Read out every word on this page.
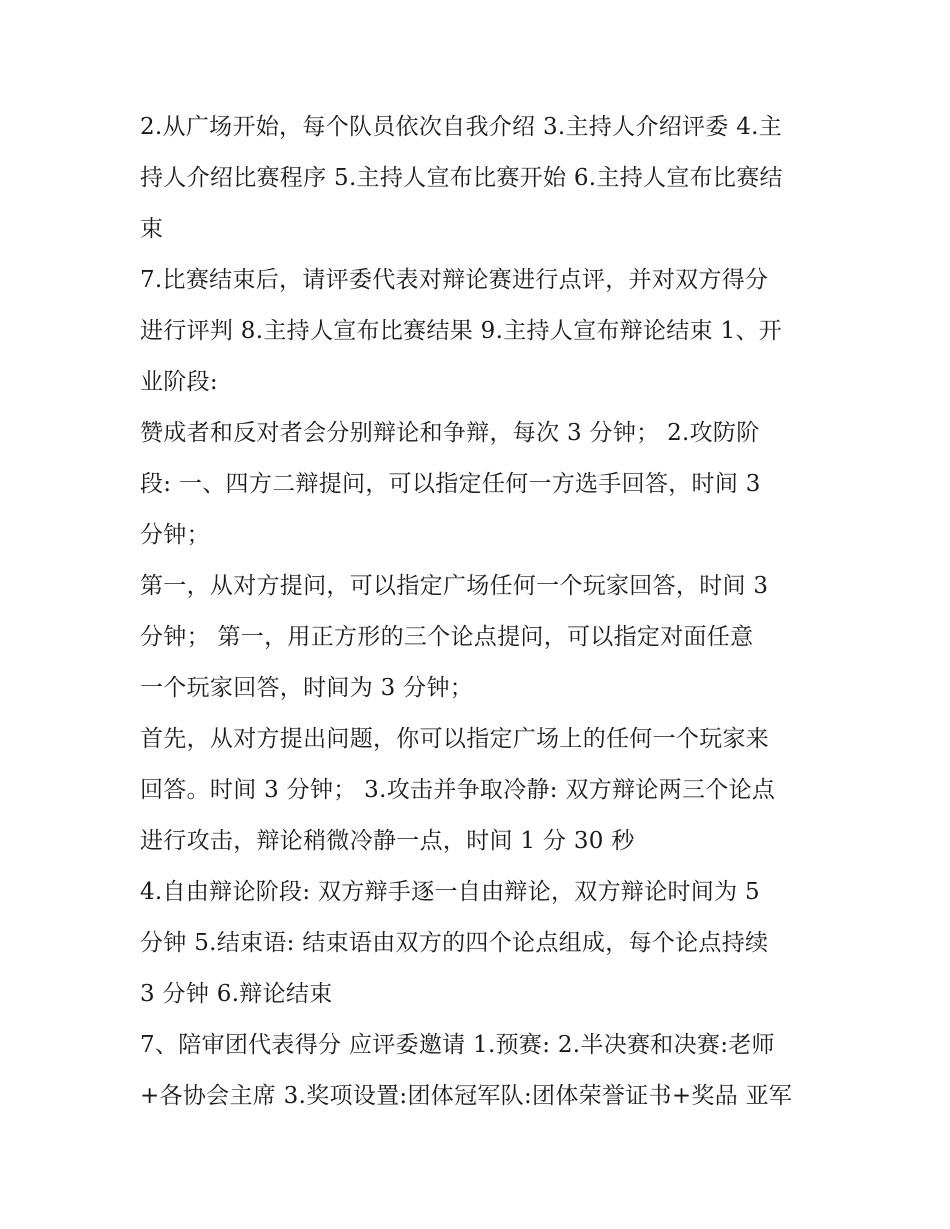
2.从广场开始，每个队员依次自我介绍 3.主持人介绍评委 4.主
持人介绍比赛程序 5.主持人宣布比赛开始 6.主持人宣布比赛结
束
7.比赛结束后，请评委代表对辩论赛进行点评，并对双方得分
进行评判 8.主持人宣布比赛结果 9.主持人宣布辩论结束 1、开
业阶段:
赞成者和反对者会分别辩论和争辩，每次 3 分钟； 2.攻防阶
段: 一、四方二辩提问，可以指定任何一方选手回答，时间 3
分钟；
第一，从对方提问，可以指定广场任何一个玩家回答，时间 3
分钟； 第一，用正方形的三个论点提问，可以指定对面任意
一个玩家回答，时间为 3 分钟；
首先，从对方提出问题，你可以指定广场上的任何一个玩家来
回答。时间 3 分钟； 3.攻击并争取冷静: 双方辩论两三个论点
进行攻击，辩论稍微冷静一点，时间 1 分 30 秒
4.自由辩论阶段: 双方辩手逐一自由辩论，双方辩论时间为 5
分钟 5.结束语: 结束语由双方的四个论点组成，每个论点持续
3 分钟 6.辩论结束
7、陪审团代表得分 应评委邀请 1.预赛: 2.半决赛和决赛:老师
+各协会主席 3.奖项设置:团体冠军队:团体荣誉证书+奖品 亚军
